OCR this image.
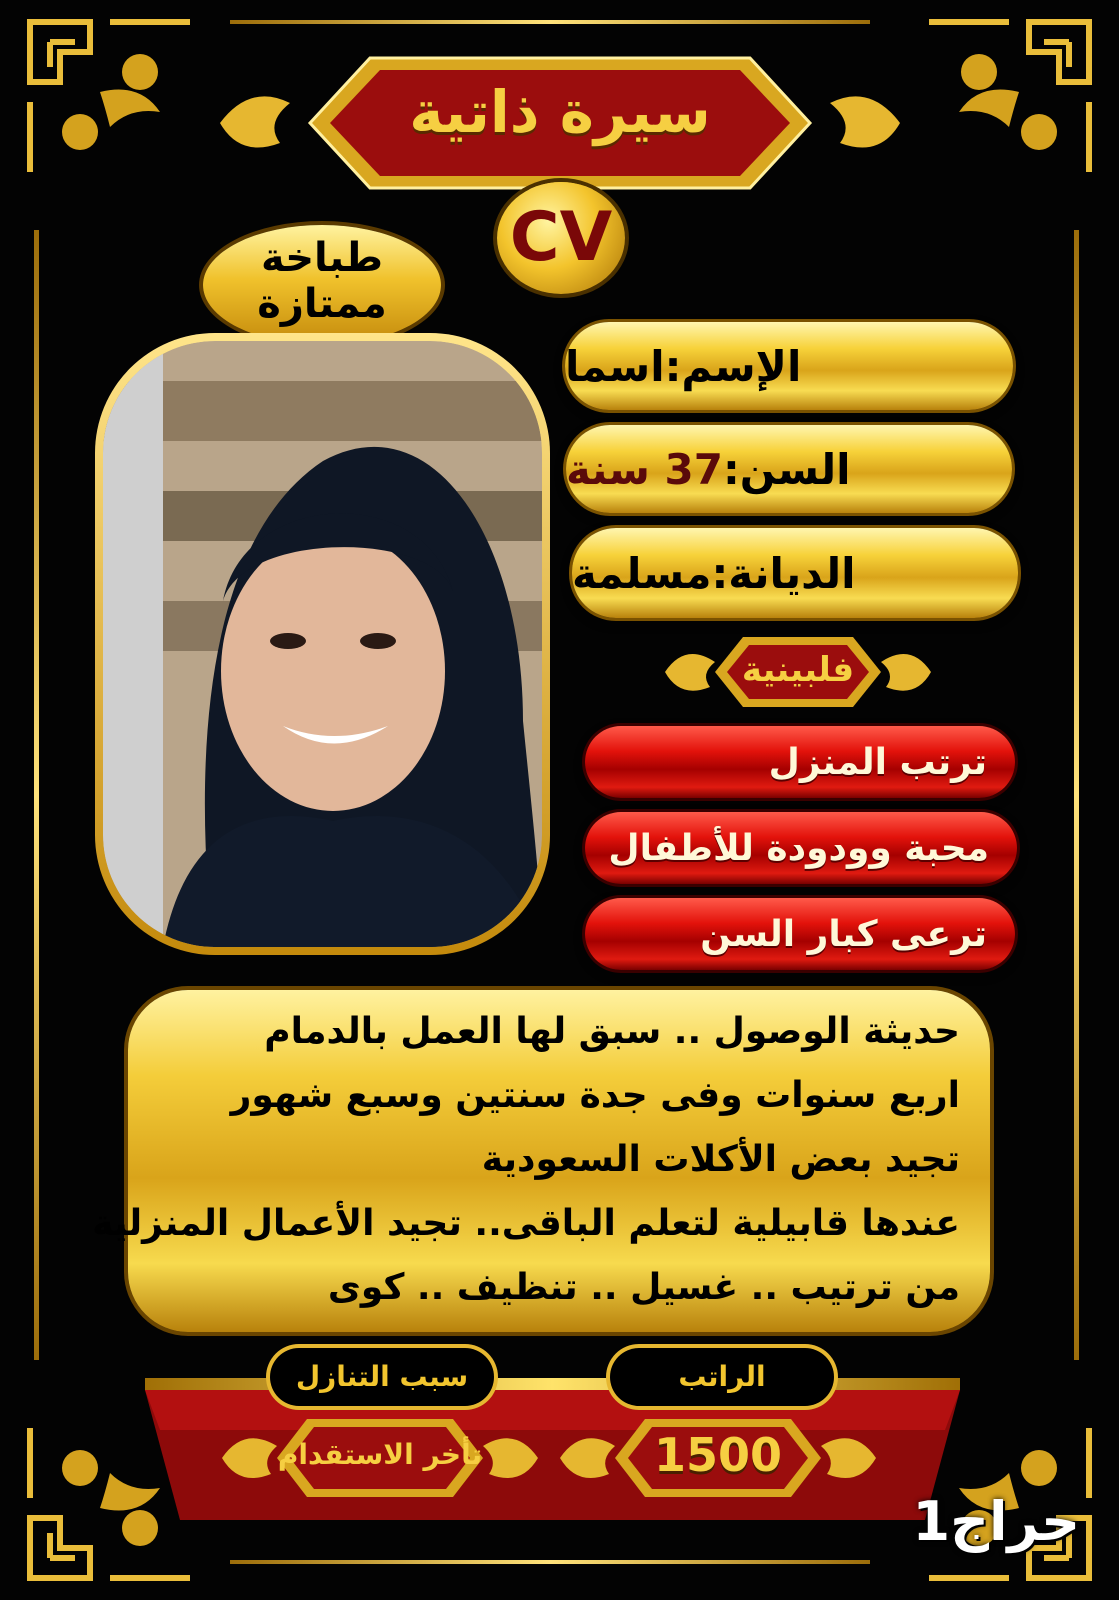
سيرة ذاتية
CV
طباخة
ممتازة
الإسم:
اسما
السن:
37 سنة
الديانة:
مسلمة
فلبينية
ترتب المنزل
محبة وودودة للأطفال
ترعى كبار السن
حديثة الوصول .. سبق لها العمل بالدمام
اربع سنوات وفى جدة سنتين وسبع شهور
تجيد بعض الأكلات السعودية
عندها قابيلية لتعلم الباقى.. تجيد الأعمال المنزلية
من ترتيب .. غسيل .. تنظيف .. كوى
سبب التنازل	الراتب
تأخر الاستقدام	1500
حراج1
